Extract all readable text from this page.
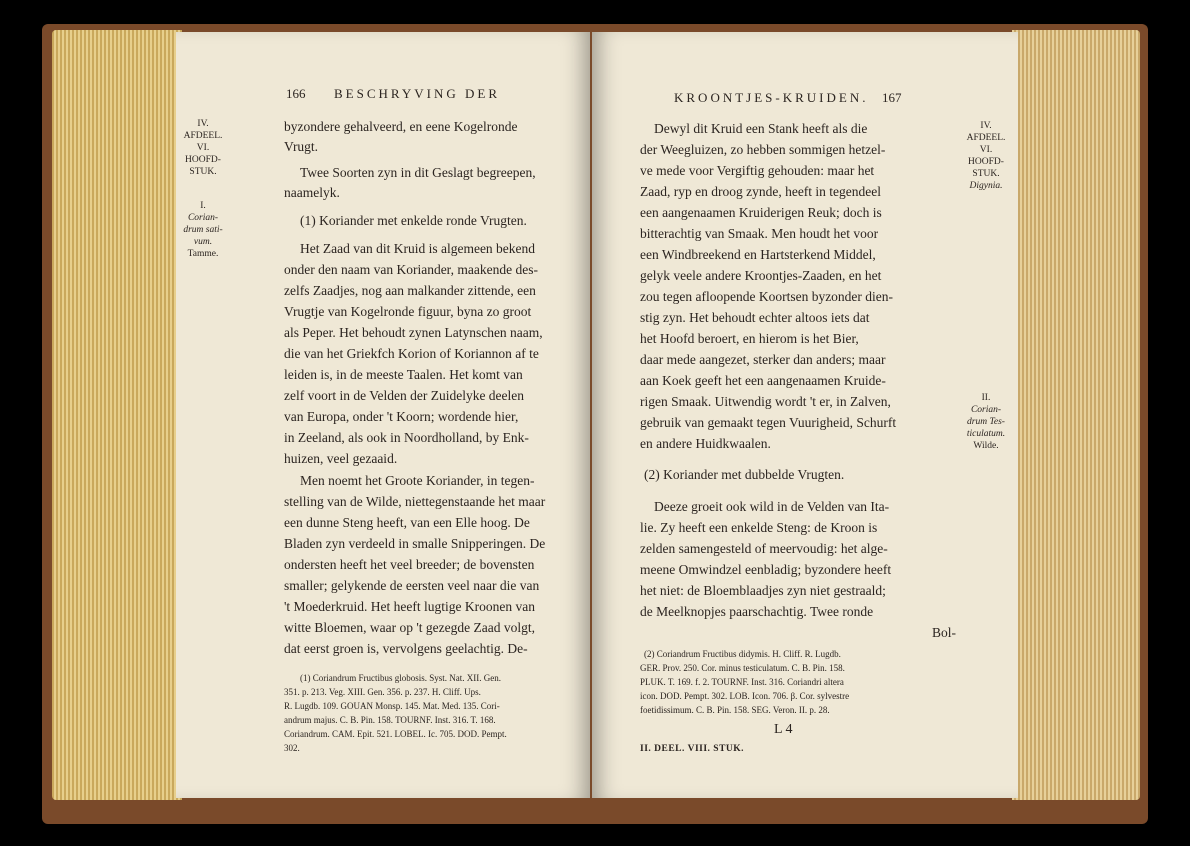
166 BESCHRYVING DER
IV.
AFDEEL.
VI.
HOOFD-
STUK.
I.
Corian-
drum sati-
vum.
Tamme.

byzondere gehalveerd, en eene Kogelronde

Vrugt.

Twee Soorten zyn in dit Geslagt begreepen,

naamelyk.

(1) Koriander met enkelde ronde Vrugten.

Het Zaad van dit Kruid is algemeen bekend

onder den naam van Koriander, maakende des-

zelfs Zaadjes, nog aan malkander zittende, een

Vrugtje van Kogelronde figuur, byna zo groot

als Peper. Het behoudt zynen Latynschen naam,

die van het Griekfch Korion of Koriannon af te

leiden is, in de meeste Taalen. Het komt van

zelf voort in de Velden der Zuidelyke deelen

van Europa, onder 't Koorn; wordende hier,

in Zeeland, als ook in Noordholland, by Enk-

huizen, veel gezaaid.

Men noemt het Groote Koriander, in tegen-

stelling van de Wilde, niettegenstaande het maar

een dunne Steng heeft, van een Elle hoog. De

Bladen zyn verdeeld in smalle Snipperingen. De

ondersten heeft het veel breeder; de bovensten

smaller; gelykende de eersten veel naar die van

't Moederkruid. Het heeft lugtige Kroonen van

witte Bloemen, waar op 't gezegde Zaad volgt,

dat eerst groen is, vervolgens geelachtig. De-

(1) Coriandrum Fructibus globosis. Syst. Nat. XII. Gen.

351. p. 213. Veg. XIII. Gen. 356. p. 237. H. Cliff. Ups.

R. Lugdb. 109. GOUAN Monsp. 145. Mat. Med. 135. Cori-

andrum majus. C. B. Pin. 158. TOURNF. Inst. 316. T. 168.

Coriandrum. CAM. Epit. 521. LOBEL. Ic. 705. DOD. Pempt.

302.

KROONTJES-KRUIDEN. 167
IV.
AFDEEL.
VI.
HOOFD-
STUK.
Digynia.
II.
Corian-
drum Tes-
ticulatum.
Wilde.

Dewyl dit Kruid een Stank heeft als die

der Weegluizen, zo hebben sommigen hetzel-

ve mede voor Vergiftig gehouden: maar het

Zaad, ryp en droog zynde, heeft in tegendeel

een aangenaamen Kruiderigen Reuk; doch is

bitterachtig van Smaak. Men houdt het voor

een Windbreekend en Hartsterkend Middel,

gelyk veele andere Kroontjes-Zaaden, en het

zou tegen afloopende Koortsen byzonder dien-

stig zyn. Het behoudt echter altoos iets dat

het Hoofd beroert, en hierom is het Bier,

daar mede aangezet, sterker dan anders; maar

aan Koek geeft het een aangenaamen Kruide-

rigen Smaak. Uitwendig wordt 't er, in Zalven,

gebruik van gemaakt tegen Vuurigheid, Schurft

en andere Huidkwaalen.

(2) Koriander met dubbelde Vrugten.

Deeze groeit ook wild in de Velden van Ita-

lie. Zy heeft een enkelde Steng: de Kroon is

zelden samengesteld of meervoudig: het alge-

meene Omwindzel eenbladig; byzondere heeft

het niet: de Bloemblaadjes zyn niet gestraald;

de Meelknopjes paarschachtig. Twee ronde

Bol-

(2) Coriandrum Fructibus didymis. H. Cliff. R. Lugdb.

GER. Prov. 250. Cor. minus testiculatum. C. B. Pin. 158.

PLUK. T. 169. f. 2. TOURNF. Inst. 316. Coriandri altera

icon. DOD. Pempt. 302. LOB. Icon. 706. β. Cor. sylvestre

foetidissimum. C. B. Pin. 158. SEG. Veron. II. p. 28.

L 4
II. DEEL. VIII. STUK.
